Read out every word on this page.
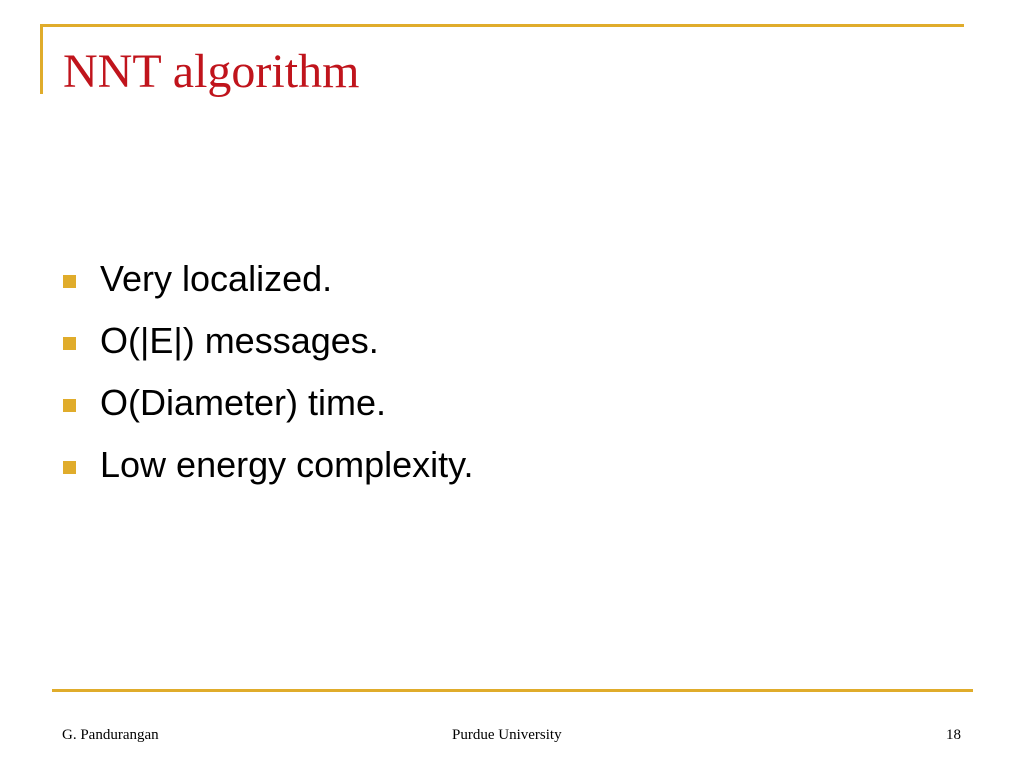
NNT algorithm
Very localized.
O(|E|) messages.
O(Diameter) time.
Low energy complexity.
G. Pandurangan	Purdue University	18
